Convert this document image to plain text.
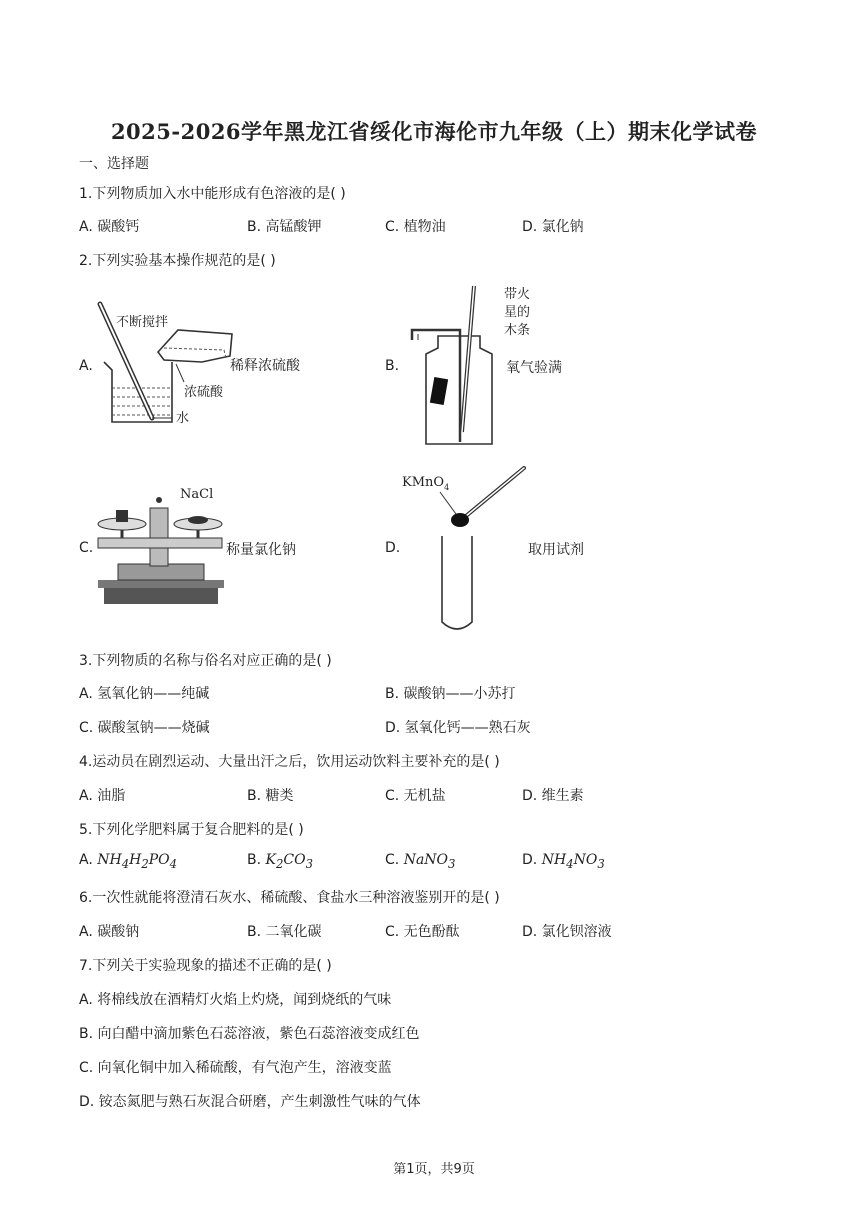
2025-2026学年黑龙江省绥化市海伦市九年级（上）期末化学试卷
一、选择题
1.下列物质加入水中能形成有色溶液的是( )
A. 碳酸钙	B. 高锰酸钾	C. 植物油	D. 氯化钠
2.下列实验基本操作规范的是( )
A.	B.
C.	D.
不断搅拌
稀释浓硫酸
浓硫酸
水
带火
星的
木条
氧气验满
NaCl
称量氯化钠
KMnO$_4$
取用试剂
3.下列物质的名称与俗名对应正确的是( )
A. 氢氧化钠——纯碱	B. 碳酸钠——小苏打
C. 碳酸氢钠——烧碱	D. 氢氧化钙——熟石灰
4.运动员在剧烈运动、大量出汗之后，饮用运动饮料主要补充的是( )
A. 油脂	B. 糖类	C. 无机盐	D. 维生素
5.下列化学肥料属于复合肥料的是( )
A. $NH_4H_2PO_4$	B. $K_2CO_3$	C. NaNO$_3$	D. $NH_4NO_3$
6.一次性就能将澄清石灰水、稀硫酸、食盐水三种溶液鉴别开的是( )
A. 碳酸钠	B. 二氧化碳	C. 无色酚酞	D. 氯化钡溶液
7.下列关于实验现象的描述不正确的是( )
A. 将棉线放在酒精灯火焰上灼烧，闻到烧纸的气味
B. 向白醋中滴加紫色石蕊溶液，紫色石蕊溶液变成红色
C. 向氧化铜中加入稀硫酸，有气泡产生，溶液变蓝
D. 铵态氮肥与熟石灰混合研磨，产生刺激性气味的气体
第1页，共9页
